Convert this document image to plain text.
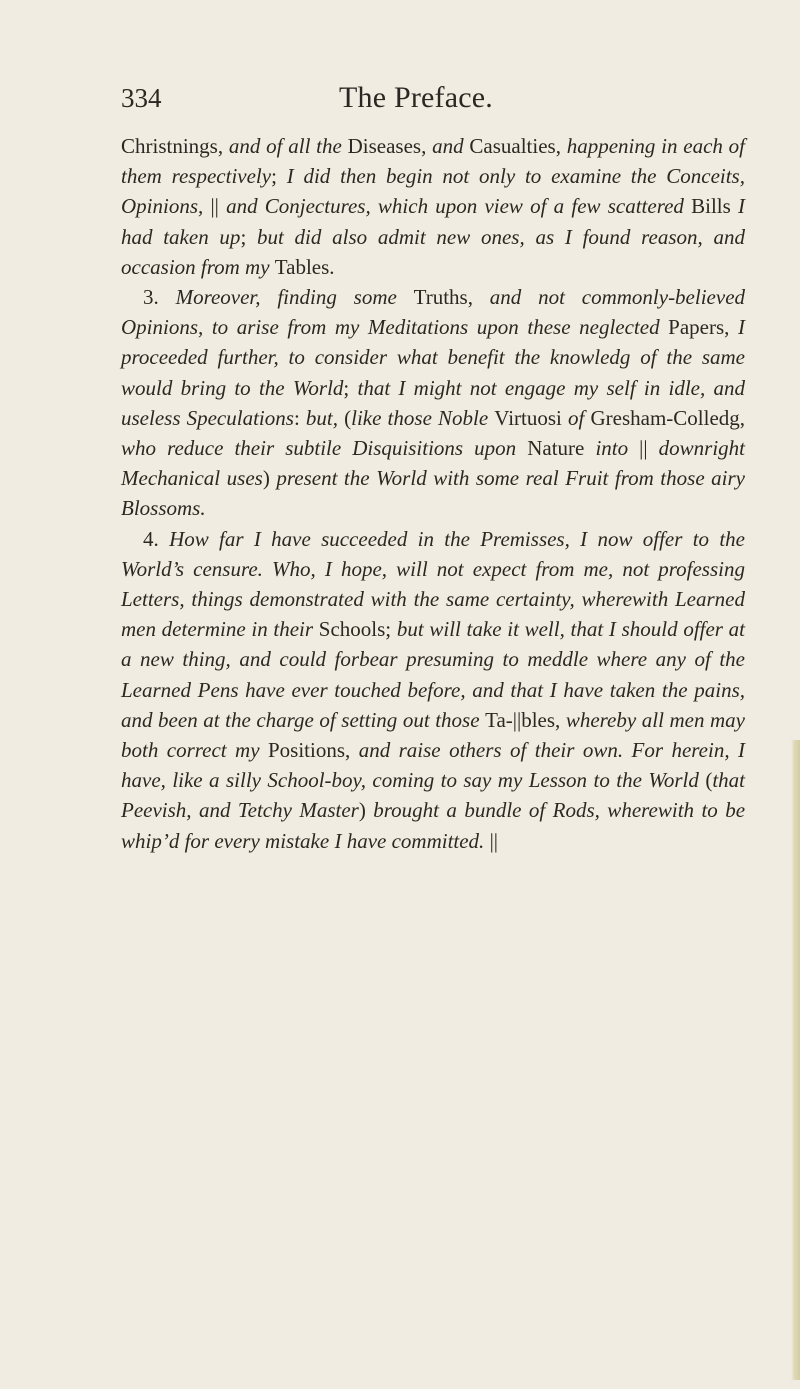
334	The Preface.

Christnings, and of all the Diseases, and Casualties, happening in each of them respectively; I did then begin not only to examine the Conceits, Opinions, || and Conjectures, which upon view of a few scattered Bills I had taken up; but did also admit new ones, as I found reason, and occasion from my Tables.

3. Moreover, finding some Truths, and not commonly-believed Opinions, to arise from my Meditations upon these neglected Papers, I proceeded further, to consider what benefit the knowledg of the same would bring to the World; that I might not engage my self in idle, and useless Speculations: but, (like those Noble Virtuosi of Gresham-Colledg, who reduce their subtile Disquisitions upon Nature into || downright Mechanical uses) present the World with some real Fruit from those airy Blossoms.

4. How far I have succeeded in the Premisses, I now offer to the World’s censure. Who, I hope, will not expect from me, not professing Letters, things demonstrated with the same certainty, wherewith Learned men determine in their Schools; but will take it well, that I should offer at a new thing, and could forbear presuming to meddle where any of the Learned Pens have ever touched before, and that I have taken the pains, and been at the charge of setting out those Ta-||bles, whereby all men may both correct my Positions, and raise others of their own. For herein, I have, like a silly School-boy, coming to say my Lesson to the World (that Peevish, and Tetchy Master) brought a bundle of Rods, wherewith to be whip’d for every mistake I have committed. ||
